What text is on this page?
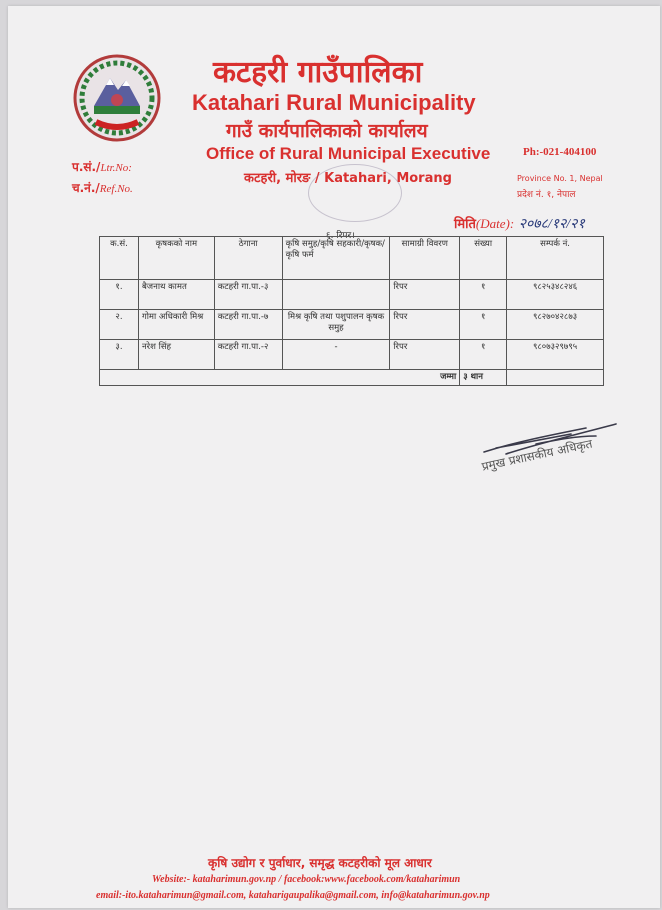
कटहरी गाउँपालिका
Katahari Rural Municipality
गाउँ कार्यपालिकाको कार्यालय
Office of Rural Municipal Executive
कटहरी, मोरङ / Katahari, Morang
Ph:-021-404100
Province No. 1, Nepal
प्रदेश नं. १, नेपाल
प.सं./Ltr.No:
च.नं./Ref.No.
मिति(Date): २०७८/१२/२१
६. रिपर।
क.सं.	कृषकको नाम	ठेगाना	कृषि समुह/कृषि सहकारी/कृषक/कृषि फर्म	सामाग्री विवरण	संख्या	सम्पर्क नं.
१.	बैजनाथ कामत	कटहरी गा.पा.-३		रिपर	१	९८२५३४८२४६
२.	गोमा अधिकारी मिश्र	कटहरी गा.पा.-७	मिश्र कृषि तथा पशुपालन कृषक समुह	रिपर	१	९८२७०४२८७३
३.	नरेश सिंह	कटहरी गा.पा.-२	-	रिपर	१	९८०७३२९७९५
जम्मा					३ थान	
प्रमुख प्रशासकीय अधिकृत
कृषि उद्योग र पुर्वाधार, समृद्ध कटहरीको मूल आधार
Website:- kataharimun.gov.np / facebook:www.facebook.com/kataharimun
email:-ito.kataharimun@gmail.com, kataharigaupalika@gmail.com, info@kataharimun.gov.np
